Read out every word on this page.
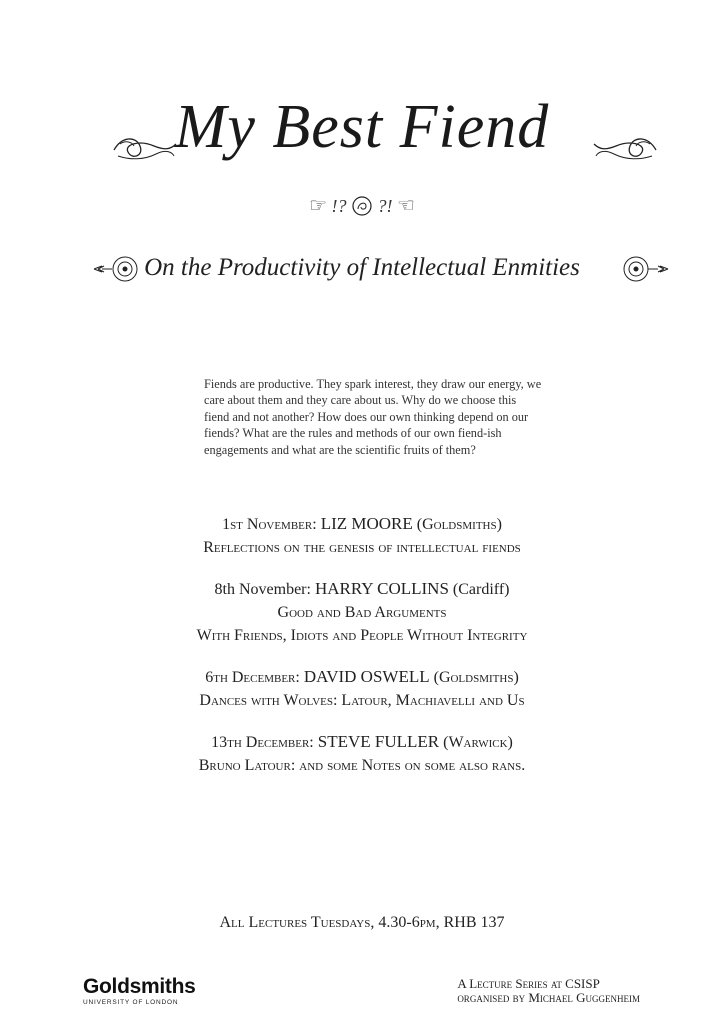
My Best Fiend
☞ !? ?! ☜
On the Productivity of Intellectual Enmities

Fiends are productive. They spark interest, they draw our energy, we care about them and they care about us. Why do we choose this fiend and not another? How does our own thinking depend on our fiends? What are the rules and methods of our own fiend-ish engagements and what are the scientific fruits of them?

1st November: LIZ MOORE (Goldsmiths)
Reflections on the genesis of intellectual fiends
8th November: HARRY COLLINS (Cardiff)
Good and Bad Arguments
With Friends, Idiots and People Without Integrity
6th December: DAVID OSWELL (Goldsmiths)
Dances with Wolves: Latour, Machiavelli and Us
13th December: STEVE FULLER (Warwick)
Bruno Latour: and some Notes on some also rans.
All Lectures Tuesdays, 4.30-6pm, RHB 137
Goldsmiths
UNIVERSITY OF LONDON
A Lecture Series at CSISP
organised by Michael Guggenheim
